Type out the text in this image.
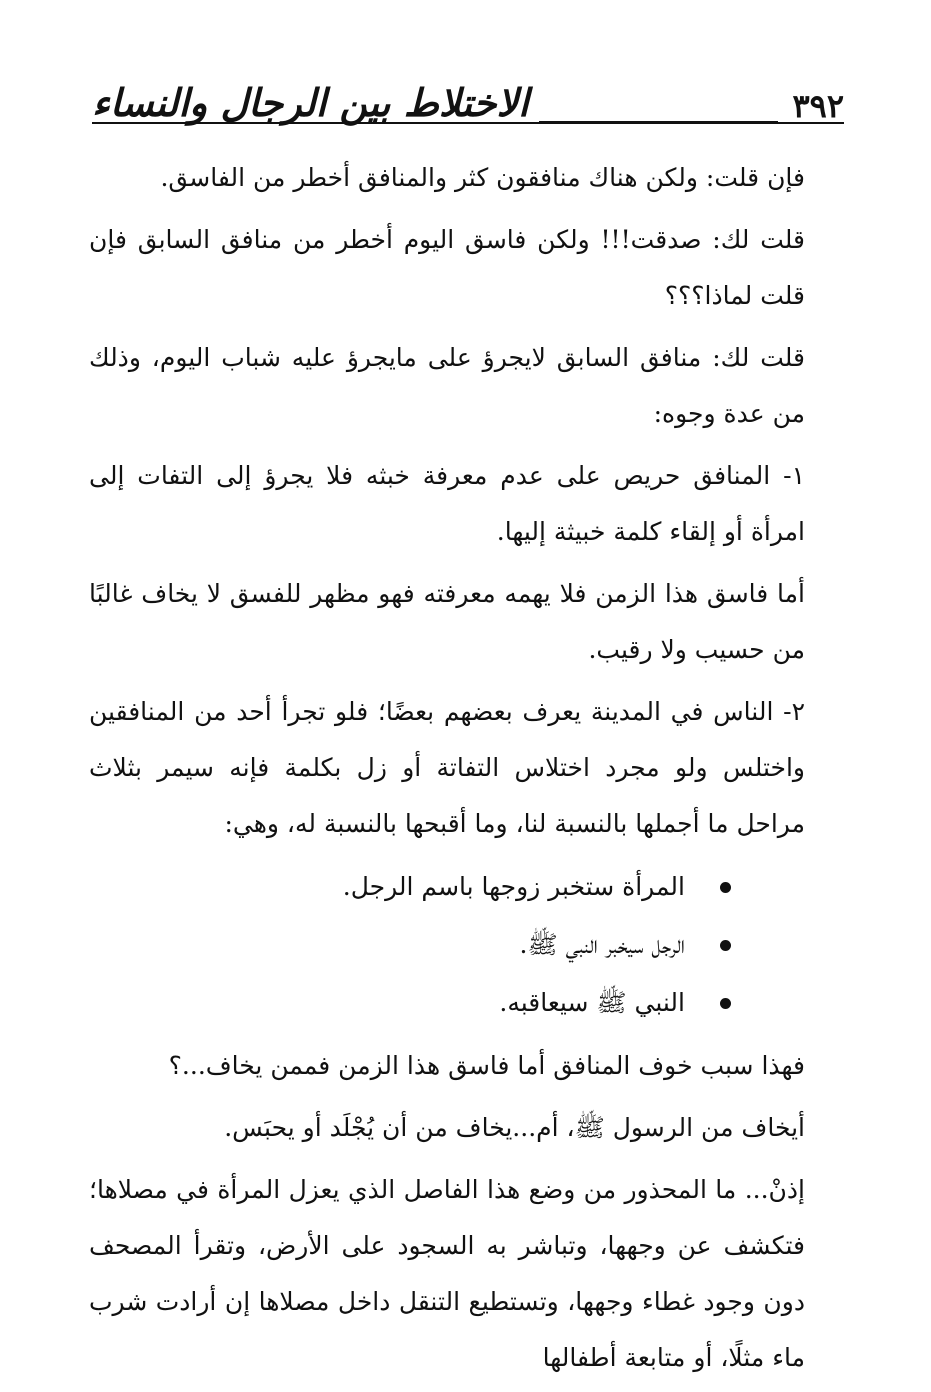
٣٩٢
الاختلاط بين الرجال والنساء

فإن قلت: ولكن هناك منافقون كثر والمنافق أخطر من الفاسق.

قلت لك: صدقت!!! ولكن فاسق اليوم أخطر من منافق السابق فإن قلت لماذا؟؟؟

قلت لك: منافق السابق لايجرؤ على مايجرؤ عليه شباب اليوم، وذلك من عدة وجوه:

١- المنافق حريص على عدم معرفة خبثه فلا يجرؤ إلى التفات إلى امرأة أو إلقاء كلمة خبيثة إليها.

أما فاسق هذا الزمن فلا يهمه معرفته فهو مظهر للفسق لا يخاف غالبًا من حسيب ولا رقيب.

٢- الناس في المدينة يعرف بعضهم بعضًا؛ فلو تجرأ أحد من المنافقين واختلس ولو مجرد اختلاس التفاتة أو زل بكلمة فإنه سيمر بثلاث مراحل ما أجملها بالنسبة لنا، وما أقبحها بالنسبة له، وهي:

المرأة ستخبر زوجها باسم الرجل.
الرجل سيخبر النبي ﷺ.
النبي ﷺ سيعاقبه.

فهذا سبب خوف المنافق أما فاسق هذا الزمن فممن يخاف...؟

أيخاف من الرسول ﷺ، أم...يخاف من أن يُجْلَد أو يحبَس.

إذنْ... ما المحذور من وضع هذا الفاصل الذي يعزل المرأة في مصلاها؛ فتكشف عن وجهها، وتباشر به السجود على الأرض، وتقرأ المصحف دون وجود غطاء وجهها، وتستطيع التنقل داخل مصلاها إن أرادت شرب ماء مثلًا، أو متابعة أطفالها
